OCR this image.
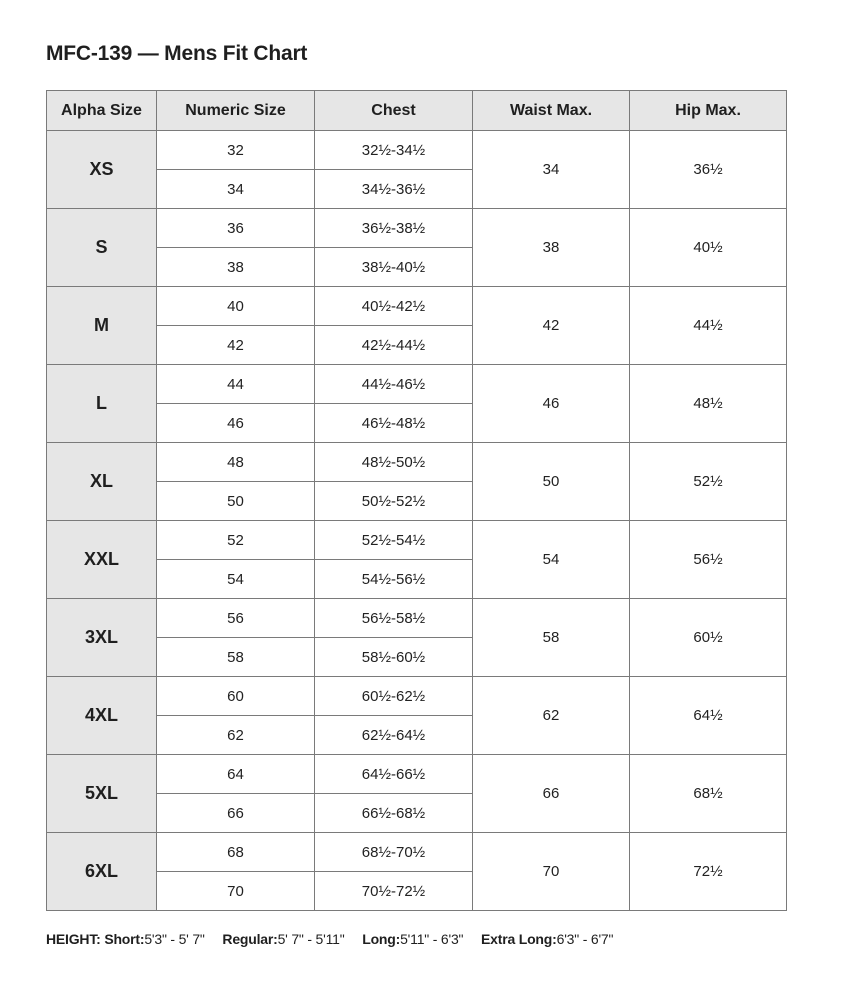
MFC-139 — Mens Fit Chart
Alpha Size	Numeric Size	Chest	Waist Max.	Hip Max.
XS	32	32½-34½	34	36½
	34	34½-36½		
S	36	36½-38½	38	40½
	38	38½-40½		
M	40	40½-42½	42	44½
	42	42½-44½		
L	44	44½-46½	46	48½
	46	46½-48½		
XL	48	48½-50½	50	52½
	50	50½-52½		
XXL	52	52½-54½	54	56½
	54	54½-56½		
3XL	56	56½-58½	58	60½
	58	58½-60½		
4XL	60	60½-62½	62	64½
	62	62½-64½		
5XL	64	64½-66½	66	68½
	66	66½-68½		
6XL	68	68½-70½	70	72½
	70	70½-72½		
HEIGHT: Short:5'3" - 5' 7" Regular:5' 7" - 5'11" Long:5'11" - 6'3" Extra Long:6'3" - 6'7"
